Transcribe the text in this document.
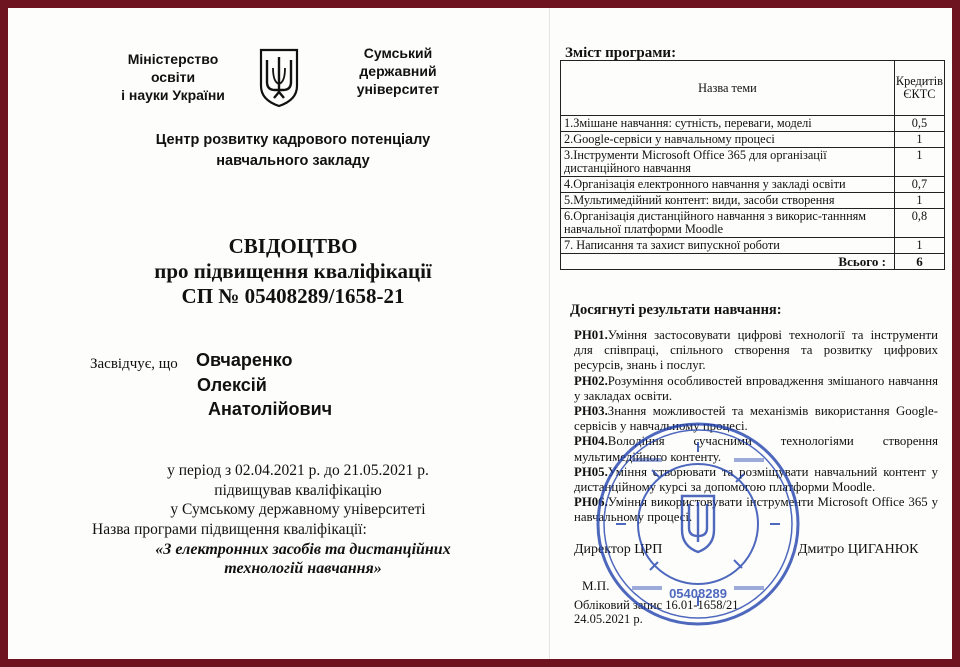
Міністерство
освіти
і науки України
Сумський
державний
університет
Центр розвитку кадрового потенціалу
навчального закладу
СВІДОЦТВО
про підвищення кваліфікації
СП № 05408289/1658-21
Засвідчує, що Овчаренко
Олексій
Анатолійович
у період з 02.04.2021 р. до 21.05.2021 р.
підвищував кваліфікацію
у Сумському державному університеті
Назва програми підвищення кваліфікації:
«З електронних засобів та дистанційних
технологій навчання»
Зміст програми:
Назва теми	Кредитів ЄКТС
1.Змішане навчання: сутність, переваги, моделі	0,5
2.Google-сервіси у навчальному процесі	1
3.Інструменти Microsoft Office 365 для організації дистанційного навчання	1
4.Організація електронного навчання у закладі освіти	0,7
5.Мультимедійний контент: види, засоби створення	1
6.Організація дистанційного навчання з викорис-таннням навчальної платформи Moodle	0,8
7. Написання та захист випускної роботи	1
Всього :	6
Досягнуті результати навчання:

РН01.Уміння застосовувати цифрові технології та інструменти для співпраці, спільного створення та розвитку цифрових ресурсів, знань і послуг.

РН02.Розуміння особливостей впровадження змішаного навчання у закладах освіти.

РН03.Знання можливостей та механізмів використання Google-сервісів у навчальному процесі.

РН04.Володіння сучасними технологіями створення мультимедійного контенту.

РН05.Уміння створювати та розміщувати навчальний контент у дистанційному курсі за допомогою платформи Moodle.

РН06.Уміння використовувати інструменти Microsoft Office 365 у навчальному процесі.

Директор ЦРП	Дмитро ЦИГАНЮК
М.П.
Обліковий запис 16.01-1658/21
24.05.2021 р.
05408289
